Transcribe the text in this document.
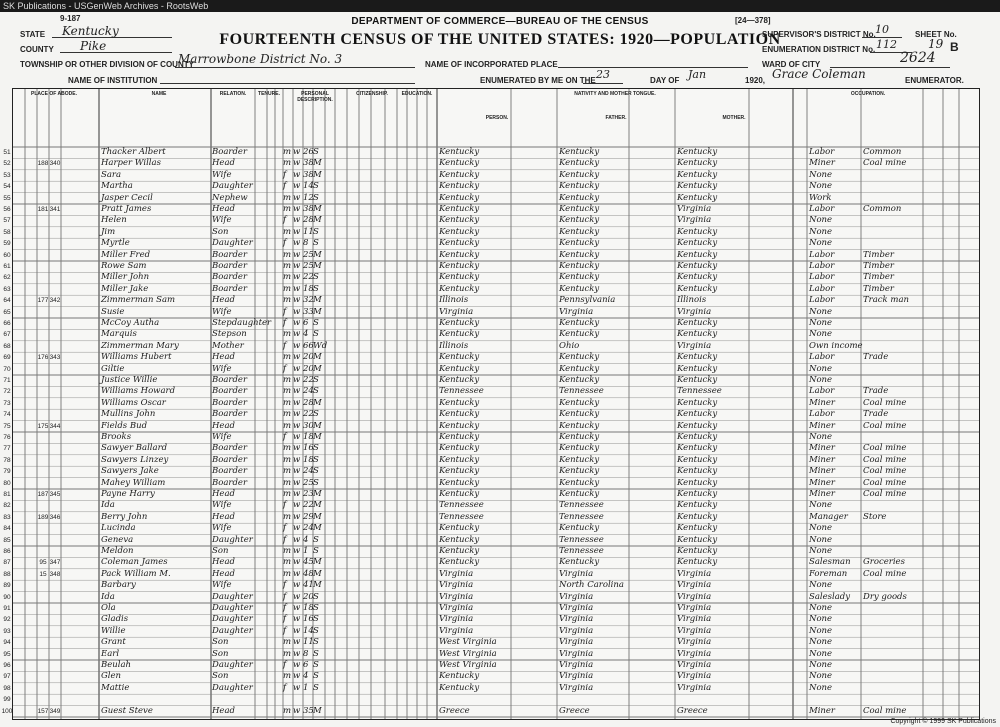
SK Publications - USGenWeb Archives - RootsWeb
9-187	DEPARTMENT OF COMMERCE—BUREAU OF THE CENSUS	[24—378]
FOURTEENTH CENSUS OF THE UNITED STATES: 1920—POPULATION
STATE Kentucky
COUNTY Pike
TOWNSHIP OR OTHER DIVISION OF COUNTY
Marrowbone District No. 3
NAME OF INSTITUTION
NAME OF INCORPORATED PLACE
ENUMERATED BY ME ON THE 23	DAY OF Jan	1920, Grace Coleman	ENUMERATOR.
SUPERVISOR'S DISTRICT No. 10	SHEET No.
ENUMERATION DISTRICT No. 112	19 B
WARD OF CITY	2624
PLACE OF ABODE.	NAME	RELATION.	TENURE.	PERSONAL DESCRIPTION.
CITIZENSHIP.	EDUCATION.	NATIVITY AND MOTHER TONGUE.	OCCUPATION.
PERSON.	FATHER.	MOTHER.
51	Thacker Albert	Boarder	m w 26 S	Kentucky	Kentucky	Kentucky	Labor	Common
52	188 340	Harper Willas	Head	m w 38 M	Kentucky	Kentucky	Kentucky	Miner	Coal mine
53	Sara	Wife	f w 38 M	Kentucky	Kentucky	Kentucky	None
54	Martha	Daughter	f w 14 S	Kentucky	Kentucky	Kentucky	None
55	Jasper Cecil	Nephew	m w 12 S	Kentucky	Kentucky	Kentucky	Work
56	181 341	Pratt James	Head	m w 38 M	Kentucky	Kentucky	Virginia	Labor	Common
57	Helen	Wife	f w 28 M	Kentucky	Kentucky	Virginia	None
58	Jim	Son	m w 11 S	Kentucky	Kentucky	Kentucky	None
59	Myrtle	Daughter	f w 8 S	Kentucky	Kentucky	Kentucky	None
60	Miller Fred	Boarder	m w 25 M	Kentucky	Kentucky	Kentucky	Labor	Timber
61	Rowe Sam	Boarder	m w 25 M	Kentucky	Kentucky	Kentucky	Labor	Timber
62	Miller John	Boarder	m w 22 S	Kentucky	Kentucky	Kentucky	Labor	Timber
63	Miller Jake	Boarder	m w 18 S	Kentucky	Kentucky	Kentucky	Labor	Timber
64	177 342	Zimmerman Sam	Head	m w 32 M	Illinois	Pennsylvania	Illinois	Labor	Track man
65	Susie	Wife	f w 33 M	Virginia	Virginia	Virginia	None
66	McCoy Autha	Stepdaughter f w 6 S	Kentucky	Kentucky	Kentucky	None
67	Marquis	Stepson	m w 4 S	Kentucky	Kentucky	Kentucky	None
68	Zimmerman Mary	Mother	f w 66 Wd	Illinois	Ohio	Virginia	Own income
69	176 343	Williams Hubert	Head	m w 20 M	Kentucky	Kentucky	Kentucky	Labor	Trade
70	Giltie	Wife	f w 20 M	Kentucky	Kentucky	Kentucky	None
71	Justice Willie	Boarder	m w 22 S	Kentucky	Kentucky	Kentucky	None
72	Williams Howard	Boarder	m w 24 S	Tennessee	Tennessee	Tennessee	Labor	Trade
73	Williams Oscar	Boarder	m w 28 M	Kentucky	Kentucky	Kentucky	Miner	Coal mine
74	Mullins John	Boarder	m w 22 S	Kentucky	Kentucky	Kentucky	Labor	Trade
75	175 344	Fields Bud	Head	m w 30 M	Kentucky	Kentucky	Kentucky	Miner	Coal mine
76	Brooks	Wife	f w 18 M	Kentucky	Kentucky	Kentucky	None
77	Sawyer Ballard	Boarder	m w 16 S	Kentucky	Kentucky	Kentucky	Miner	Coal mine
78	Sawyers Linzey	Boarder	m w 18 S	Kentucky	Kentucky	Kentucky	Miner	Coal mine
79	Sawyers Jake	Boarder	m w 24 S	Kentucky	Kentucky	Kentucky	Miner	Coal mine
80	Mahey William	Boarder	m w 25 S	Kentucky	Kentucky	Kentucky	Miner	Coal mine
81	187 345	Payne Harry	Head	m w 23 M	Kentucky	Kentucky	Kentucky	Miner	Coal mine
82	Ida	Wife	f w 22 M	Tennessee	Tennessee	Kentucky	None
83	189 346	Berry John	Head	m w 29 M	Tennessee	Tennessee	Kentucky	Manager	Store
84	Lucinda	Wife	f w 24 M	Kentucky	Kentucky	Kentucky	None
85	Geneva	Daughter	f w 4 S	Kentucky	Tennessee	Kentucky	None
86	Meldon	Son	m w 1 S	Kentucky	Tennessee	Kentucky	None
87	95 347	Coleman James	Head	m w 45 M	Kentucky	Kentucky	Kentucky	Salesman	Groceries
88	15 348	Pack William M.	Head	m w 48 M	Virginia	Virginia	Virginia	Foreman	Coal mine
89	Barbary	Wife	f w 41 M	Virginia	North Carolina	Virginia	None
90	Ida	Daughter	f w 20 S	Virginia	Virginia	Virginia	Saleslady	Dry goods
91	Ola	Daughter	f w 18 S	Virginia	Virginia	Virginia	None
92	Gladis	Daughter	f w 16 S	Virginia	Virginia	Virginia	None
93	Willie	Daughter	f w 14 S	Virginia	Virginia	Virginia	None
94	Grant	Son	m w 11 S	West Virginia	Virginia	Virginia	None
95	Earl	Son	m w 8 S	West Virginia	Virginia	Virginia	None
96	Beulah	Daughter	f w 6 S	West Virginia	Virginia	Virginia	None
97	Glen	Son	m w 4 S	Kentucky	Virginia	Virginia	None
98	Mattie	Daughter	f w 1 S	Kentucky	Virginia	Virginia	None
99
100	157 349	Guest Steve	Head	m w 35 M	Greece	Greece	Greece	Miner	Coal mine
Copyright © 1999 SK Publications
